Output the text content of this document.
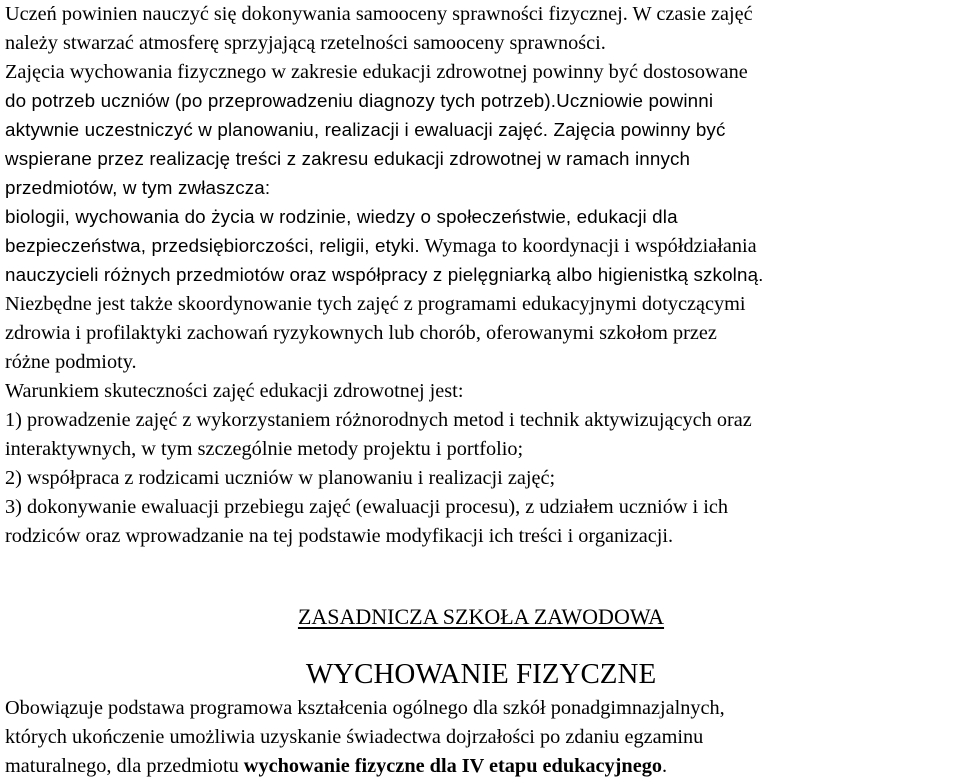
Uczeń powinien nauczyć się dokonywania samooceny sprawności fizycznej. W czasie zajęć
należy stwarzać atmosferę sprzyjającą rzetelności samooceny sprawności.
Zajęcia wychowania fizycznego w zakresie edukacji zdrowotnej powinny być dostosowane
do potrzeb uczniów (po przeprowadzeniu diagnozy tych potrzeb).Uczniowie powinni
aktywnie uczestniczyć w planowaniu, realizacji i ewaluacji zajęć. Zajęcia powinny być
wspierane przez realizację treści z zakresu edukacji zdrowotnej w ramach innych
przedmiotów, w tym zwłaszcza:
biologii, wychowania do życia w rodzinie, wiedzy o społeczeństwie, edukacji dla
bezpieczeństwa, przedsiębiorczości, religii, etyki. Wymaga to koordynacji i współdziałania
nauczycieli różnych przedmiotów oraz współpracy z pielęgniarką albo higienistką szkolną.
Niezbędne jest także skoordynowanie tych zajęć z programami edukacyjnymi dotyczącymi
zdrowia i profilaktyki zachowań ryzykownych lub chorób, oferowanymi szkołom przez
różne podmioty.
Warunkiem skuteczności zajęć edukacji zdrowotnej jest:
1) prowadzenie zajęć z wykorzystaniem różnorodnych metod i technik aktywizujących oraz
interaktywnych, w tym szczególnie metody projektu i portfolio;
2) współpraca z rodzicami uczniów w planowaniu i realizacji zajęć;
3) dokonywanie ewaluacji przebiegu zajęć (ewaluacji procesu), z udziałem uczniów i ich
rodziców oraz wprowadzanie na tej podstawie modyfikacji ich treści i organizacji.
ZASADNICZA SZKOŁA ZAWODOWA
WYCHOWANIE FIZYCZNE
Obowiązuje podstawa programowa kształcenia ogólnego dla szkół ponadgimnazjalnych,
których ukończenie umożliwia uzyskanie świadectwa dojrzałości po zdaniu egzaminu
maturalnego, dla przedmiotu wychowanie fizyczne dla IV etapu edukacyjnego.
